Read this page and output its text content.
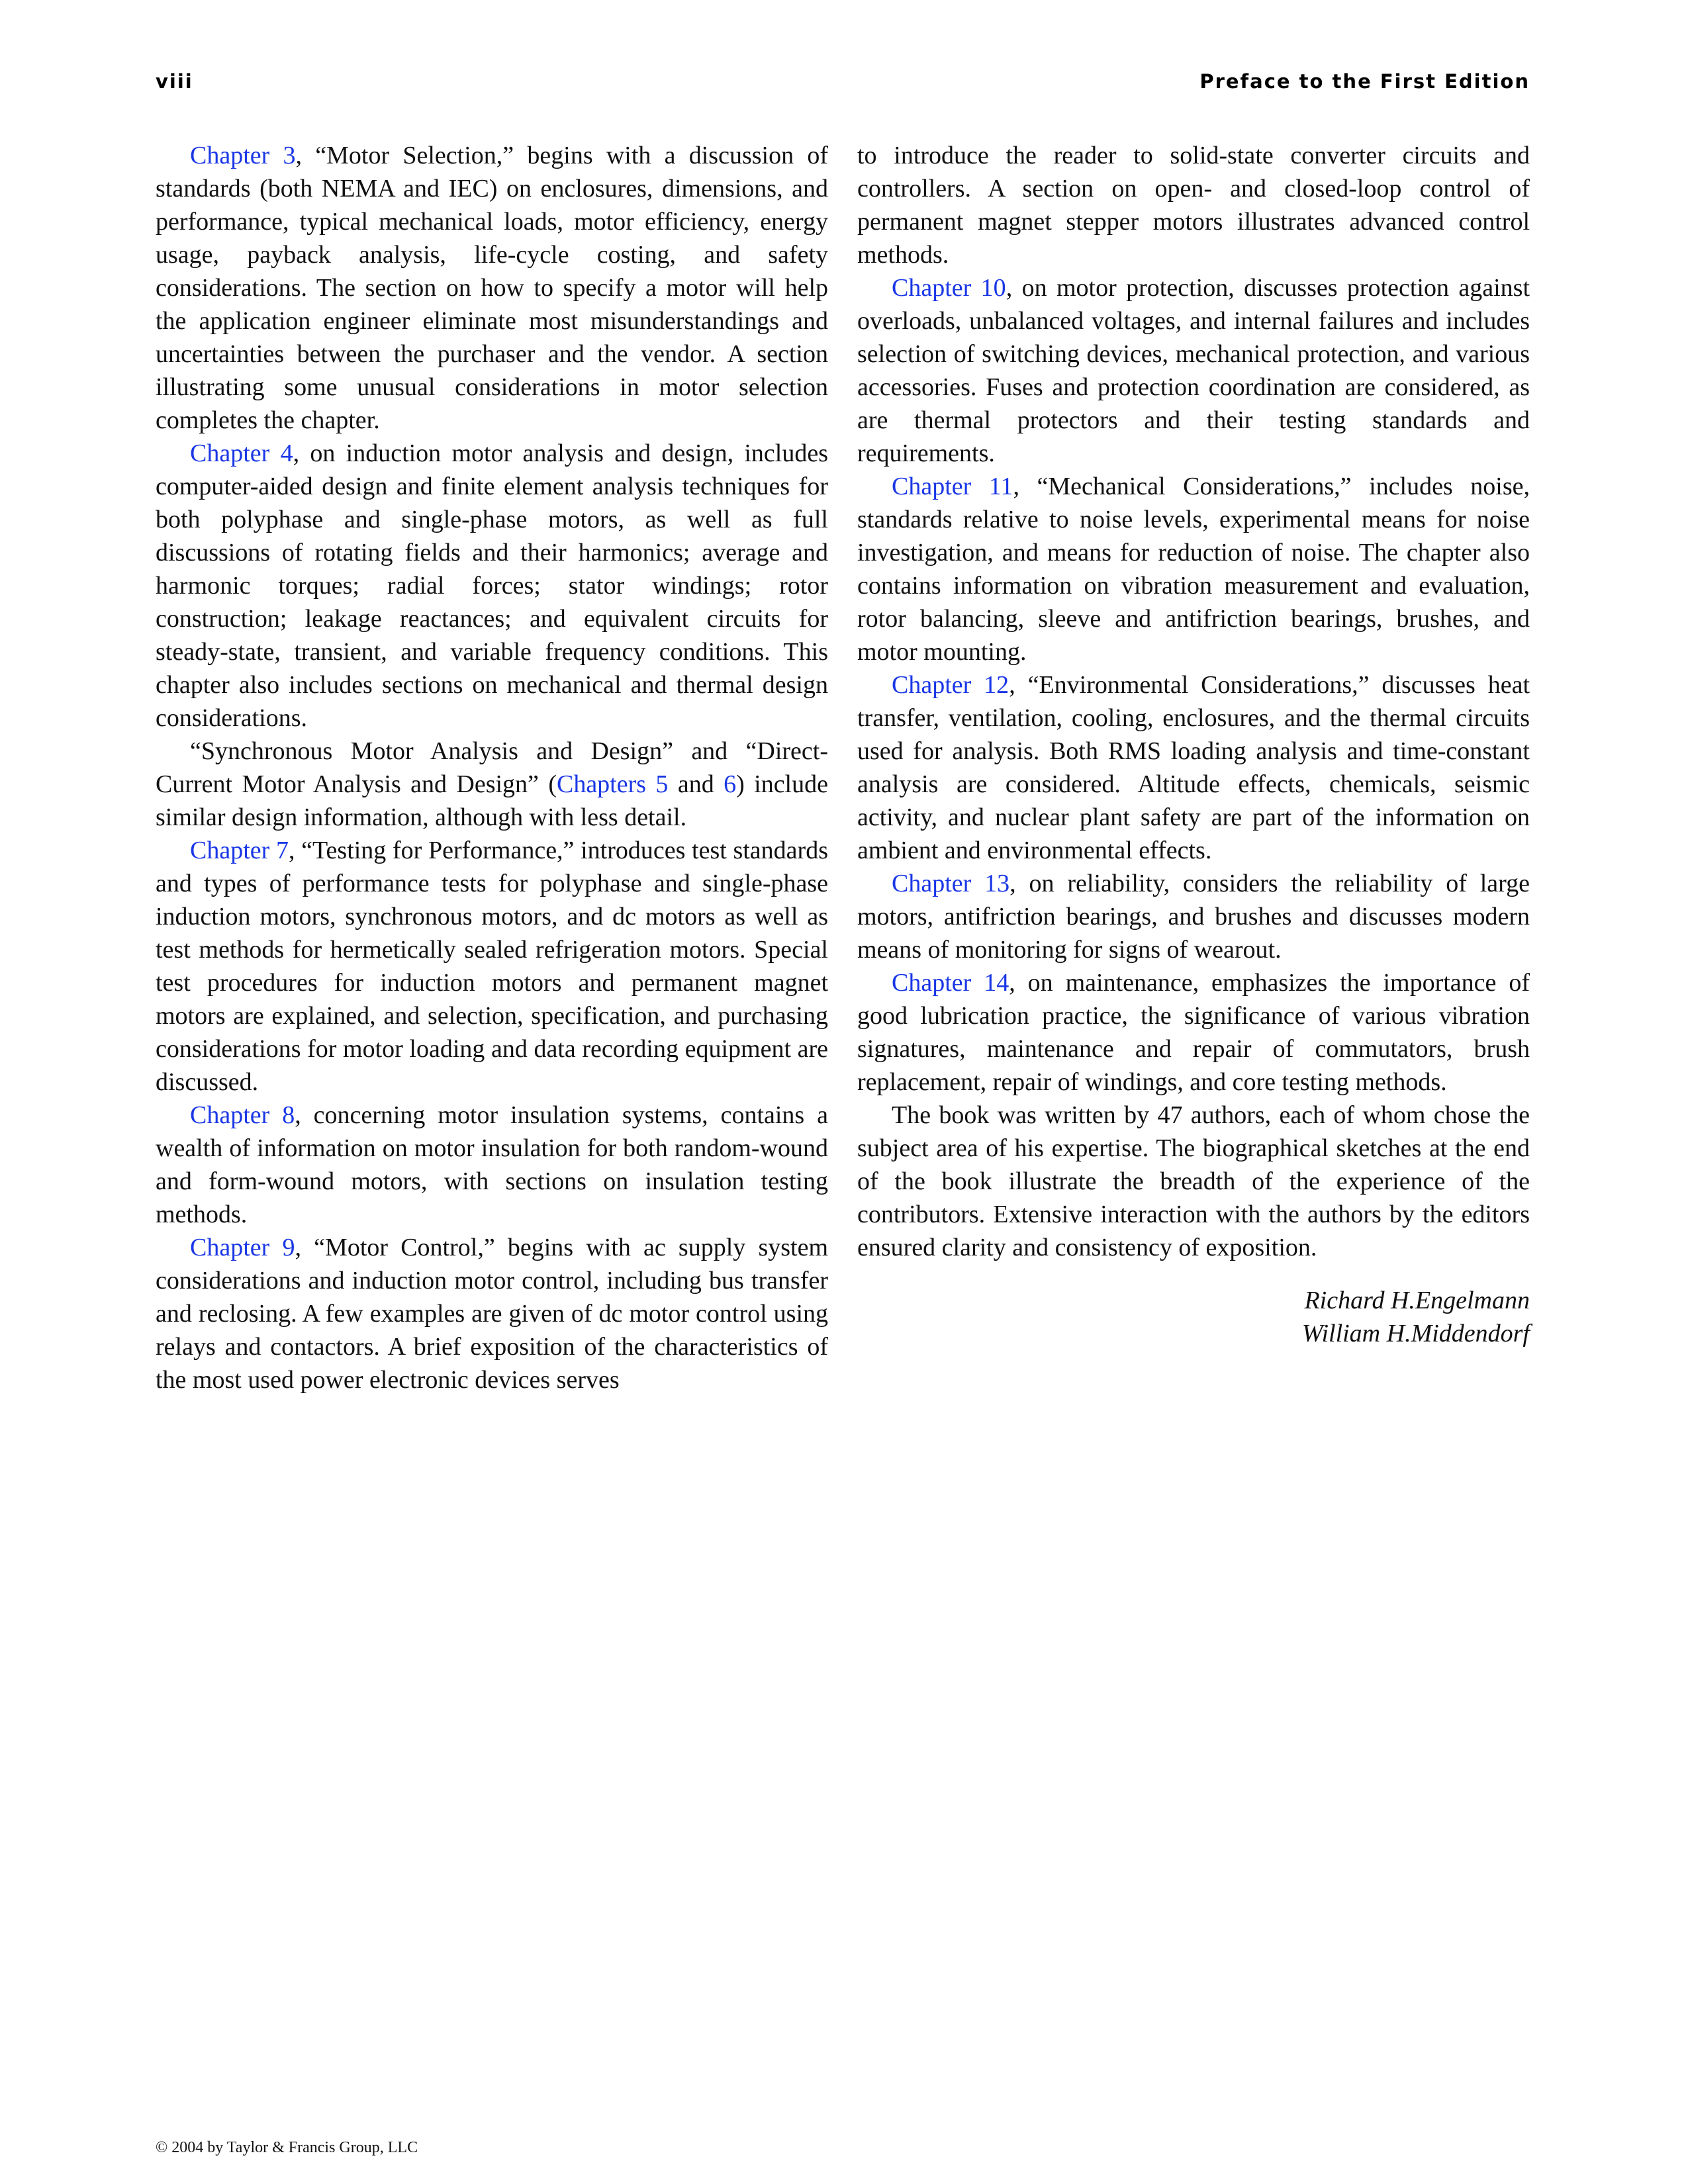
viii	Preface to the First Edition

Chapter 3, “Motor Selection,” begins with a discussion of standards (both NEMA and IEC) on enclosures, dimensions, and performance, typical mechanical loads, motor efficiency, energy usage, payback analysis, life-cycle costing, and safety considerations. The section on how to specify a motor will help the application engineer eliminate most misunderstandings and uncertainties between the purchaser and the vendor. A section illustrating some unusual considerations in motor selection completes the chapter.

Chapter 4, on induction motor analysis and design, includes computer-aided design and finite element analysis techniques for both polyphase and single-phase motors, as well as full discussions of rotating fields and their harmonics; average and harmonic torques; radial forces; stator windings; rotor construction; leakage reactances; and equivalent circuits for steady-state, transient, and variable frequency conditions. This chapter also includes sections on mechanical and thermal design considerations.

“Synchronous Motor Analysis and Design” and “Direct-Current Motor Analysis and Design” (Chapters 5 and 6) include similar design information, although with less detail.

Chapter 7, “Testing for Performance,” introduces test standards and types of performance tests for polyphase and single-phase induction motors, synchronous motors, and dc motors as well as test methods for hermetically sealed refrigeration motors. Special test procedures for induction motors and permanent magnet motors are explained, and selection, specification, and purchasing considerations for motor loading and data recording equipment are discussed.

Chapter 8, concerning motor insulation systems, contains a wealth of information on motor insulation for both random-wound and form-wound motors, with sections on insulation testing methods.

Chapter 9, “Motor Control,” begins with ac supply system considerations and induction motor control, including bus transfer and reclosing. A few examples are given of dc motor control using relays and contactors. A brief exposition of the characteristics of the most used power electronic devices serves

to introduce the reader to solid-state converter circuits and controllers. A section on open- and closed-loop control of permanent magnet stepper motors illustrates advanced control methods.

Chapter 10, on motor protection, discusses protection against overloads, unbalanced voltages, and internal failures and includes selection of switching devices, mechanical protection, and various accessories. Fuses and protection coordination are considered, as are thermal protectors and their testing standards and requirements.

Chapter 11, “Mechanical Considerations,” includes noise, standards relative to noise levels, experimental means for noise investigation, and means for reduction of noise. The chapter also contains information on vibration measurement and evaluation, rotor balancing, sleeve and antifriction bearings, brushes, and motor mounting.

Chapter 12, “Environmental Considerations,” discusses heat transfer, ventilation, cooling, enclosures, and the thermal circuits used for analysis. Both RMS loading analysis and time-constant analysis are considered. Altitude effects, chemicals, seismic activity, and nuclear plant safety are part of the information on ambient and environmental effects.

Chapter 13, on reliability, considers the reliability of large motors, antifriction bearings, and brushes and discusses modern means of monitoring for signs of wearout.

Chapter 14, on maintenance, emphasizes the importance of good lubrication practice, the significance of various vibration signatures, maintenance and repair of commutators, brush replacement, repair of windings, and core testing methods.

The book was written by 47 authors, each of whom chose the subject area of his expertise. The biographical sketches at the end of the book illustrate the breadth of the experience of the contributors. Extensive interaction with the authors by the editors ensured clarity and consistency of exposition.

Richard H.Engelmann
William H.Middendorf
© 2004 by Taylor & Francis Group, LLC
